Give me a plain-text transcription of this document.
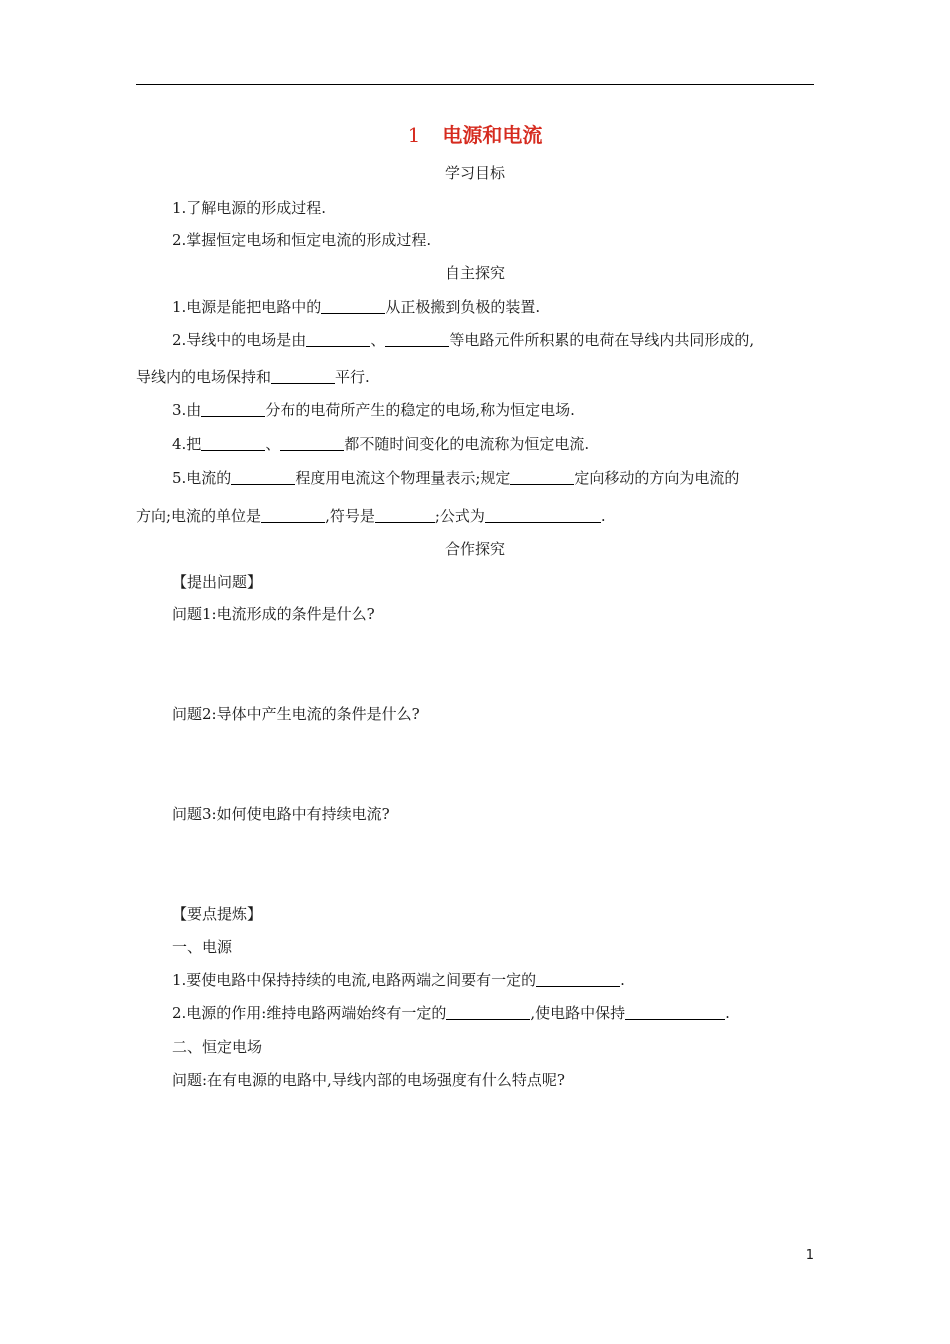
1 电源和电流
学习目标
1.了解电源的形成过程.
2.掌握恒定电场和恒定电流的形成过程.
自主探究
1.电源是能把电路中的	从正极搬到负极的装置.
2.导线中的电场是由	、	等电路元件所积累的电荷在导线内共同形成的,
导线内的电场保持和	平行.
3.由	分布的电荷所产生的稳定的电场,称为恒定电场.
4.把	、	都不随时间变化的电流称为恒定电流.
5.电流的	程度用电流这个物理量表示;规定	定向移动的方向为电流的
方向;电流的单位是	,符号是	;公式为	.
合作探究
【提出问题】
问题1:电流形成的条件是什么?
问题2:导体中产生电流的条件是什么?
问题3:如何使电路中有持续电流?
【要点提炼】
一、电源
1.要使电路中保持持续的电流,电路两端之间要有一定的	.
2.电源的作用:维持电路两端始终有一定的	,使电路中保持	.
二、恒定电场
问题:在有电源的电路中,导线内部的电场强度有什么特点呢?
1
